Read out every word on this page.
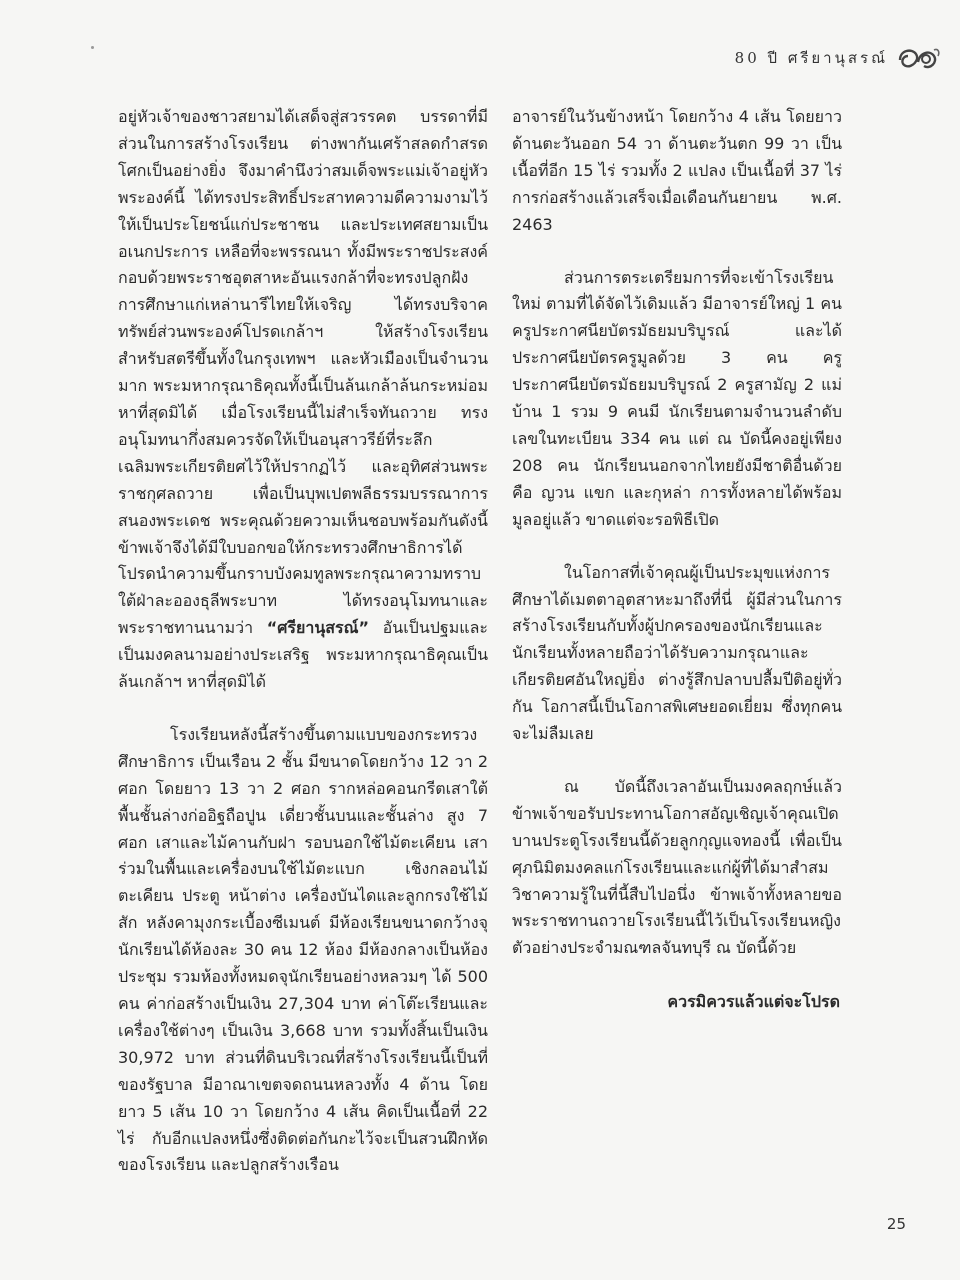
80 ปี ศรียานุสรณ์

อยู่หัวเจ้าของชาวสยามได้เสด็จสู่สวรรคต บรรดาที่มีส่วนในการสร้างโรงเรียน ต่างพากันเศร้าสลดกำสรดโศกเป็นอย่างยิ่ง จึงมาคำนึงว่าสมเด็จพระแม่เจ้าอยู่หัวพระองค์นี้ ได้ทรงประสิทธิ์ประสาทความดีความงามไว้ให้เป็นประโยชน์แก่ประชาชน และประเทศสยามเป็นอเนกประการ เหลือที่จะพรรณนา ทั้งมีพระราชประสงค์กอบด้วยพระราชอุตสาหะอันแรงกล้าที่จะทรงปลูกฝังการศึกษาแก่เหล่านารีไทยให้เจริญ ได้ทรงบริจาคทรัพย์ส่วนพระองค์โปรดเกล้าฯ ให้สร้างโรงเรียนสำหรับสตรีขึ้นทั้งในกรุงเทพฯ และหัวเมืองเป็นจำนวนมาก พระมหากรุณาธิคุณทั้งนี้เป็นล้นเกล้าล้นกระหม่อม หาที่สุดมิได้ เมื่อโรงเรียนนี้ไม่สำเร็จทันถวาย ทรงอนุโมทนากึ่งสมควรจัดให้เป็นอนุสาวรีย์ที่ระลึก เฉลิมพระเกียรติยศไว้ให้ปรากฏไว้ และอุทิศส่วนพระราชกุศลถวาย เพื่อเป็นบุพเปตพลีธรรมบรรณาการ สนองพระเดช พระคุณด้วยความเห็นชอบพร้อมกันดังนี้ ข้าพเจ้าจึงได้มีใบบอกขอให้กระทรวงศึกษาธิการได้โปรดนำความขึ้นกราบบังคมทูลพระกรุณาความทราบใต้ฝ่าละอองธุลีพระบาท ได้ทรงอนุโมทนาและพระราชทานนามว่า “ศรียานุสรณ์” อันเป็นปฐมและเป็นมงคลนามอย่างประเสริฐ พระมหากรุณาธิคุณเป็นล้นเกล้าฯ หาที่สุดมิได้

โรงเรียนหลังนี้สร้างขึ้นตามแบบของกระทรวงศึกษาธิการ เป็นเรือน 2 ชั้น มีขนาดโดยกว้าง 12 วา 2 ศอก โดยยาว 13 วา 2 ศอก รากหล่อคอนกรีตเสาใต้พื้นชั้นล่างก่ออิฐถือปูน เดี่ยวชั้นบนและชั้นล่าง สูง 7 ศอก เสาและไม้คานกับฝา รอบนอกใช้ไม้ตะเคียน เสาร่วมในพื้นและเครื่องบนใช้ไม้ตะแบก เชิงกลอนไม้ตะเคียน ประตู หน้าต่าง เครื่องบันไดและลูกกรงใช้ไม้สัก หลังคามุงกระเบื้องซีเมนต์ มีห้องเรียนขนาดกว้างจุนักเรียนได้ห้องละ 30 คน 12 ห้อง มีห้องกลางเป็นห้องประชุม รวมห้องทั้งหมดจุนักเรียนอย่างหลวมๆ ได้ 500 คน ค่าก่อสร้างเป็นเงิน 27,304 บาท ค่าโต๊ะเรียนและเครื่องใช้ต่างๆ เป็นเงิน 3,668 บาท รวมทั้งสิ้นเป็นเงิน 30,972 บาท ส่วนที่ดินบริเวณที่สร้างโรงเรียนนี้เป็นที่ของรัฐบาล มีอาณาเขตจดถนนหลวงทั้ง 4 ด้าน โดยยาว 5 เส้น 10 วา โดยกว้าง 4 เส้น คิดเป็นเนื้อที่ 22 ไร่ กับอีกแปลงหนึ่งซึ่งติดต่อกันกะไว้จะเป็นสวนฝึกหัดของโรงเรียน และปลูกสร้างเรือน

อาจารย์ในวันข้างหน้า โดยกว้าง 4 เส้น โดยยาวด้านตะวันออก 54 วา ด้านตะวันตก 99 วา เป็นเนื้อที่อีก 15 ไร่ รวมทั้ง 2 แปลง เป็นเนื้อที่ 37 ไร่ การก่อสร้างแล้วเสร็จเมื่อเดือนกันยายน พ.ศ. 2463

ส่วนการตระเตรียมการที่จะเข้าโรงเรียนใหม่ ตามที่ได้จัดไว้เดิมแล้ว มีอาจารย์ใหญ่ 1 คน ครูประกาศนียบัตรมัธยมบริบูรณ์ และได้ประกาศนียบัตรครูมูลด้วย 3 คน ครูประกาศนียบัตรมัธยมบริบูรณ์ 2 ครูสามัญ 2 แม่บ้าน 1 รวม 9 คนมี นักเรียนตามจำนวนลำดับเลขในทะเบียน 334 คน แต่ ณ บัดนี้คงอยู่เพียง 208 คน นักเรียนนอกจากไทยยังมีชาติอื่นด้วย คือ ญวน แขก และกุหล่า การทั้งหลายได้พร้อมมูลอยู่แล้ว ขาดแต่จะรอพิธีเปิด

ในโอกาสที่เจ้าคุณผู้เป็นประมุขแห่งการศึกษาได้เมตตาอุตสาหะมาถึงที่นี่ ผู้มีส่วนในการสร้างโรงเรียนกับทั้งผู้ปกครองของนักเรียนและนักเรียนทั้งหลายถือว่าได้รับความกรุณาและเกียรติยศอันใหญ่ยิ่ง ต่างรู้สึกปลาบปลื้มปีติอยู่ทั่วกัน โอกาสนี้เป็นโอกาสพิเศษยอดเยี่ยม ซึ่งทุกคนจะไม่ลืมเลย

ณ บัดนี้ถึงเวลาอันเป็นมงคลฤกษ์แล้ว ข้าพเจ้าขอรับประทานโอกาสอัญเชิญเจ้าคุณเปิดบานประตูโรงเรียนนี้ด้วยลูกกุญแจทองนี้ เพื่อเป็นศุภนิมิตมงคลแก่โรงเรียนและแก่ผู้ที่ได้มาสำสมวิชาความรู้ในที่นี้สืบไปอนึ่ง ข้าพเจ้าทั้งหลายขอพระราชทานถวายโรงเรียนนี้ไว้เป็นโรงเรียนหญิงตัวอย่างประจำมณฑลจันทบุรี ณ บัดนี้ด้วย

ควรมิควรแล้วแต่จะโปรด

25
